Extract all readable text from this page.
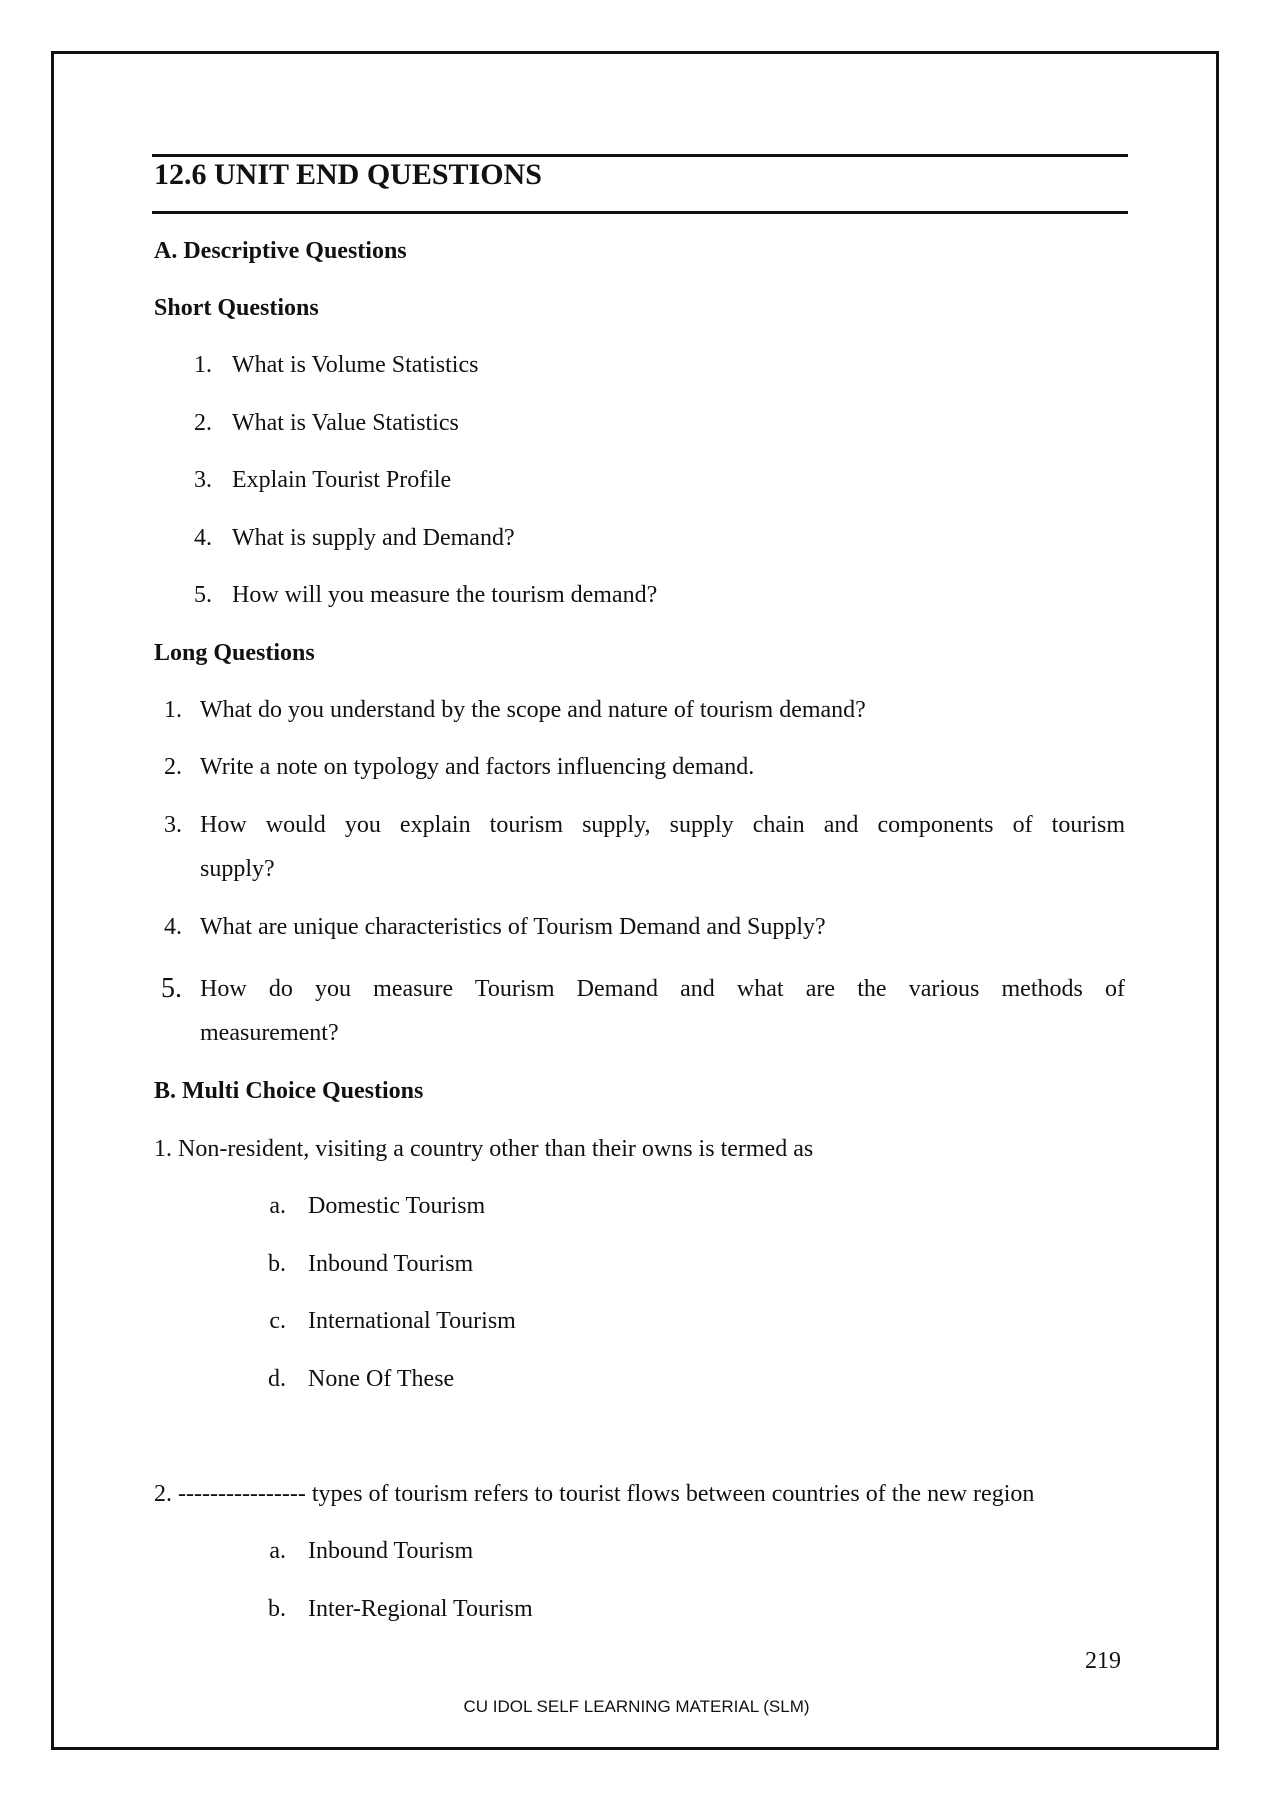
12.6 UNIT END QUESTIONS
A. Descriptive Questions
Short Questions
1. What is Volume Statistics
2. What is Value Statistics
3. Explain Tourist Profile
4. What is supply and Demand?
5. How will you measure the tourism demand?
Long Questions
1. What do you understand by the scope and nature of tourism demand?
2. Write a note on typology and factors influencing demand.
3. How would you explain tourism supply, supply chain and components of tourism
supply?
4. What are unique characteristics of Tourism Demand and Supply?
5. How do you measure Tourism Demand and what are the various methods of
measurement?
B. Multi Choice Questions
1. Non-resident, visiting a country other than their owns is termed as
a. Domestic Tourism
b. Inbound Tourism
c. International Tourism
d. None Of These
2. ---------------- types of tourism refers to tourist flows between countries of the new region
a. Inbound Tourism
b. Inter-Regional Tourism
219
CU IDOL SELF LEARNING MATERIAL (SLM)
